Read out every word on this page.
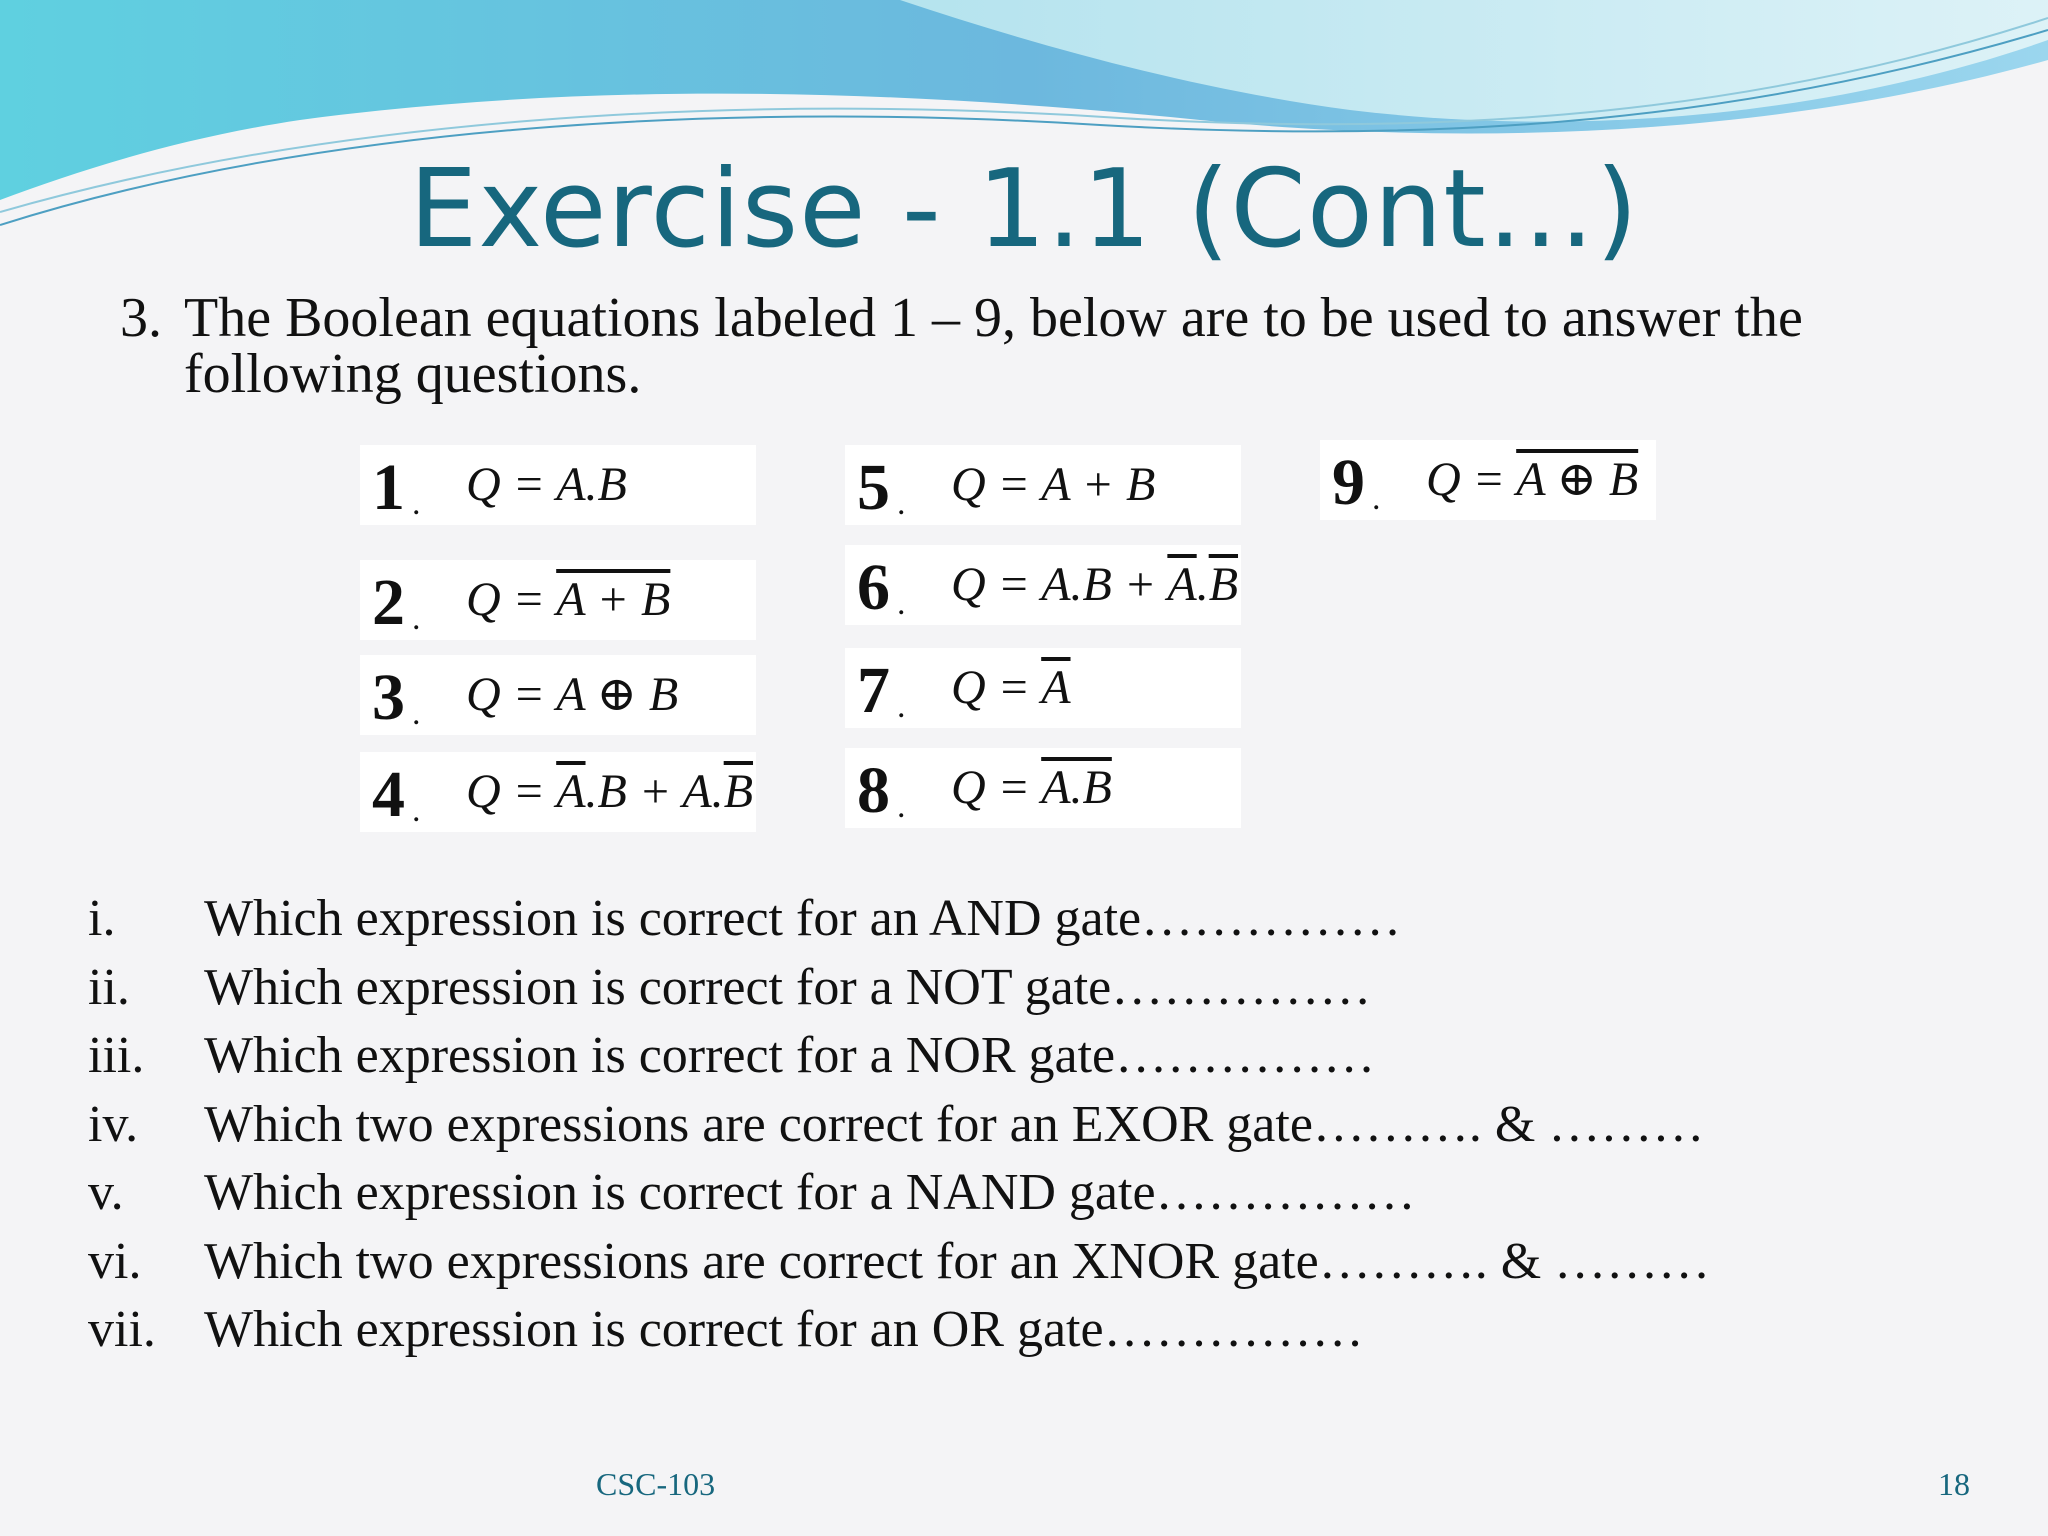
Exercise - 1.1 (Cont…)
3. The Boolean equations labeled 1 – 9, below are to be used to answer the
following questions.
1 . Q = A.B
2 . Q = A + B
3 . Q = A ⊕ B
4 . $Q = \overline{A}.B + A.\overline{B}$
5 . Q = A + B
6 . $Q = A.B + \overline{A}.\overline{B}$
7 . $Q = \overline{A}$
8 . Q = A.B
9 . Q = A ⊕ B
i.	Which expression is correct for an AND gate……………
ii.	Which expression is correct for a NOT gate……………
iii.	Which expression is correct for a NOR gate……………
iv.	Which two expressions are correct for an EXOR gate………. & ………
v.	Which expression is correct for a NAND gate……………
vi.	Which two expressions are correct for an XNOR gate………. & ………
vii. Which expression is correct for an OR gate……………
CSC-103	18
